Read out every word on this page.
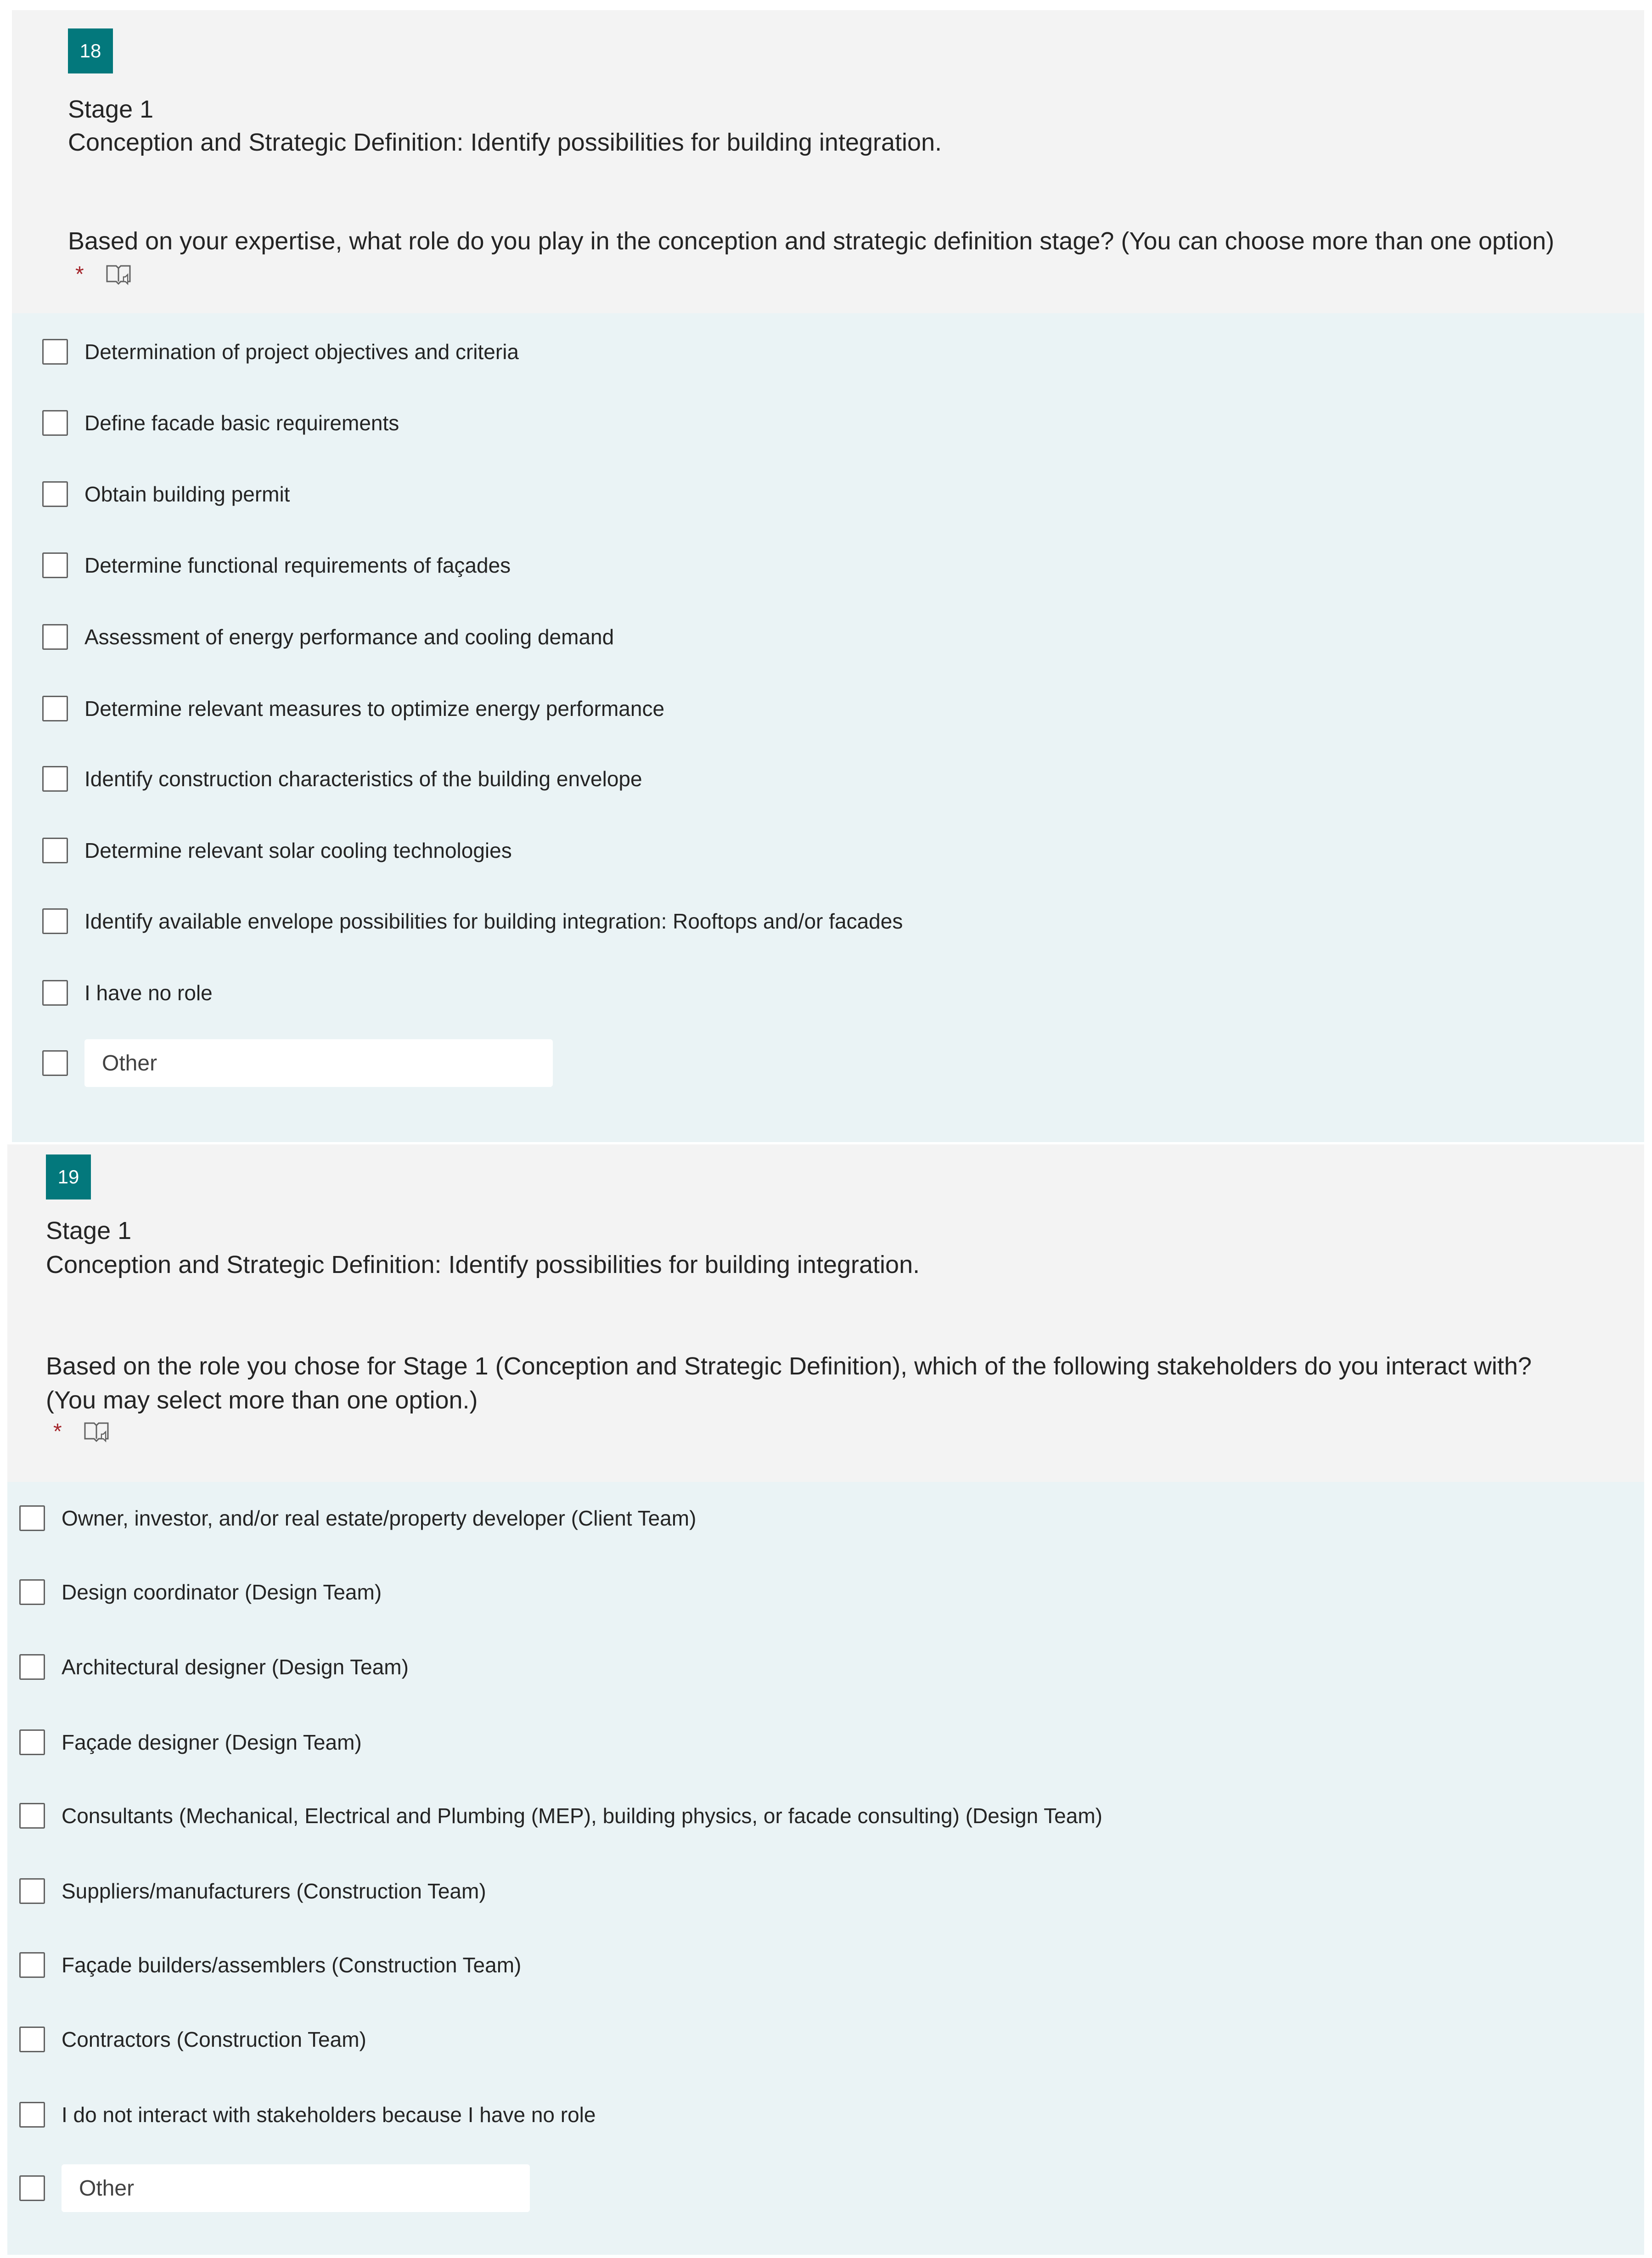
18

Stage 1

Conception and Strategic Definition: Identify possibilities for building integration.

Based on your expertise, what role do you play in the conception and strategic definition stage? (You can choose more than one option)

*
Determination of project objectives and criteria
Define facade basic requirements
Obtain building permit
Determine functional requirements of façades
Assessment of energy performance and cooling demand
Determine relevant measures to optimize energy performance
Identify construction characteristics of the building envelope
Determine relevant solar cooling technologies
Identify available envelope possibilities for building integration: Rooftops and/or facades
I have no role
Other
19

Stage 1

Conception and Strategic Definition: Identify possibilities for building integration.

Based on the role you chose for Stage 1 (Conception and Strategic Definition), which of the following stakeholders do you interact with?

(You may select more than one option.)

*
Owner, investor, and/or real estate/property developer (Client Team)
Design coordinator (Design Team)
Architectural designer (Design Team)
Façade designer (Design Team)
Consultants (Mechanical, Electrical and Plumbing (MEP), building physics, or facade consulting) (Design Team)
Suppliers/manufacturers (Construction Team)
Façade builders/assemblers (Construction Team)
Contractors (Construction Team)
I do not interact with stakeholders because I have no role
Other
